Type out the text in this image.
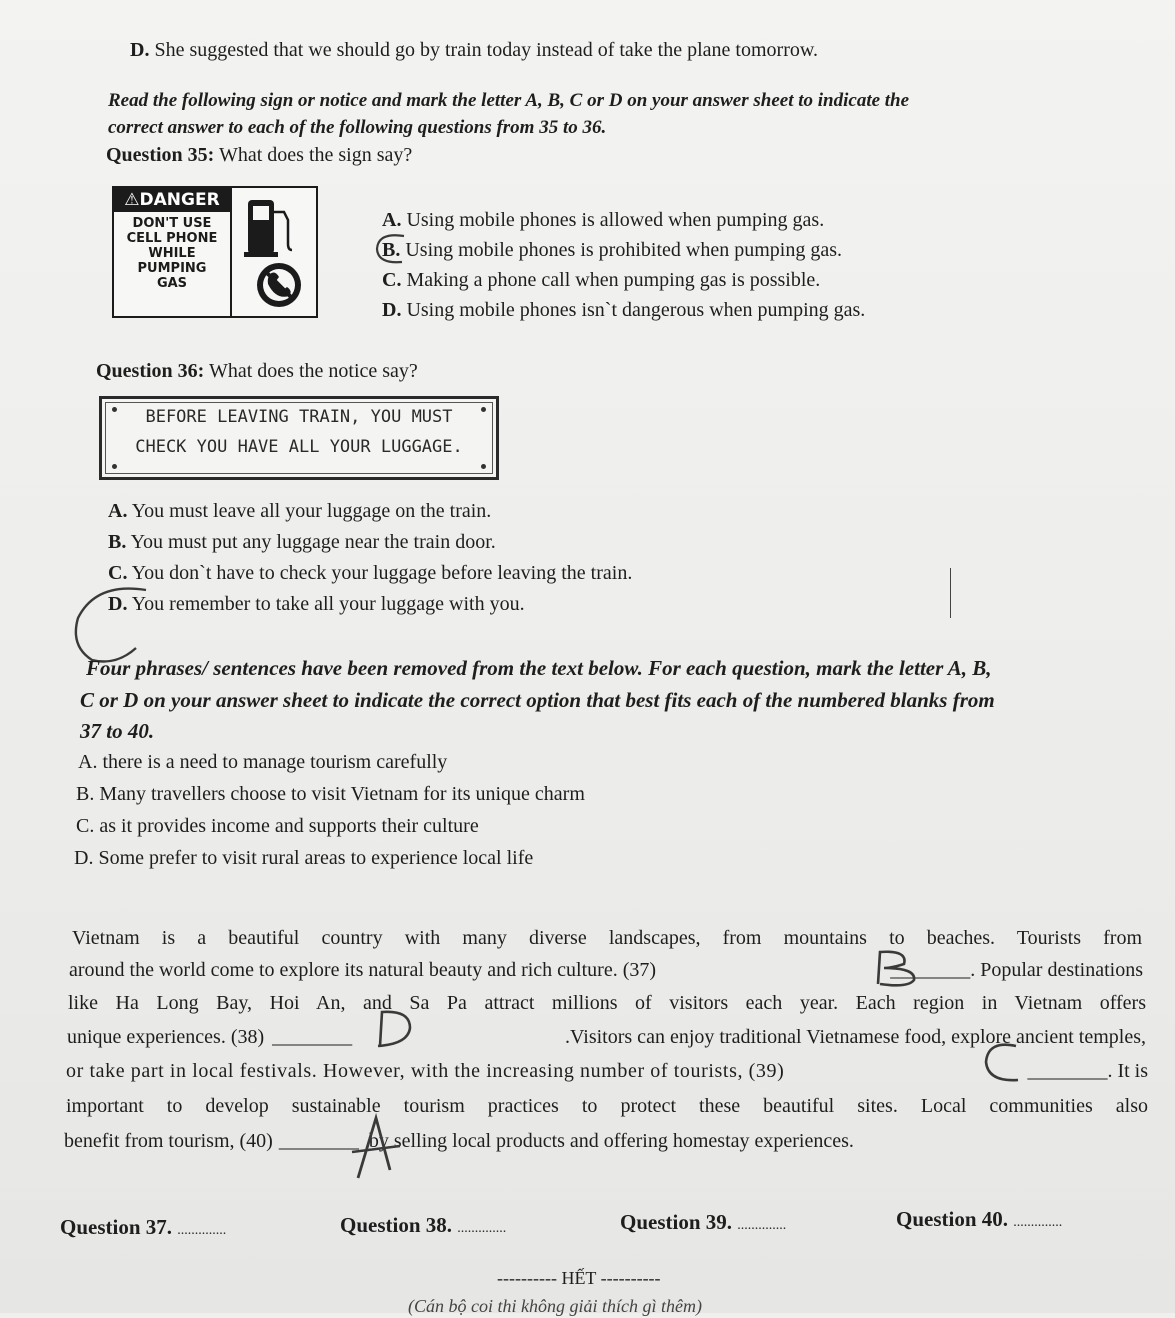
D. She suggested that we should go by train today instead of take the plane tomorrow.
Read the following sign or notice and mark the letter A, B, C or D on your answer sheet to indicate the
correct answer to each of the following questions from 35 to 36.
Question 35: What does the sign say?
⚠DANGER
DON'T USE
CELL PHONE
WHILE
PUMPING
GAS
A. Using mobile phones is allowed when pumping gas.
B. Using mobile phones is prohibited when pumping gas.
C. Making a phone call when pumping gas is possible.
D. Using mobile phones isn`t dangerous when pumping gas.
Question 36: What does the notice say?
BEFORE LEAVING TRAIN, YOU MUST
CHECK YOU HAVE ALL YOUR LUGGAGE.
A. You must leave all your luggage on the train.
B. You must put any luggage near the train door.
C. You don`t have to check your luggage before leaving the train.
D. You remember to take all your luggage with you.
Four phrases/ sentences have been removed from the text below. For each question, mark the letter A, B,
C or D on your answer sheet to indicate the correct option that best fits each of the numbered blanks from
37 to 40.
A. there is a need to manage tourism carefully
B. Many travellers choose to visit Vietnam for its unique charm
C. as it provides income and supports their culture
D. Some prefer to visit rural areas to experience local life
Vietnam is a beautiful country with many diverse landscapes, from mountains to beaches. Tourists from
around the world come to explore its natural beauty and rich culture. (37)	________ . Popular destinations
like Ha Long Bay, Hoi An, and Sa Pa attract millions of visitors each year. Each region in Vietnam offers
unique experiences. (38) ________	.Visitors can enjoy traditional Vietnamese food, explore ancient temples,
or take part in local festivals. However, with the increasing number of tourists, (39)	________ . It is
important to develop sustainable tourism practices to protect these beautiful sites. Local communities also
benefit from tourism, (40) ________ by selling local products and offering homestay experiences.
Question 37. ..............	Question 38. ..............	Question 39. ..............	Question 40. ..............
---------- HẾT ----------
(Cán bộ coi thi không giải thích gì thêm)
